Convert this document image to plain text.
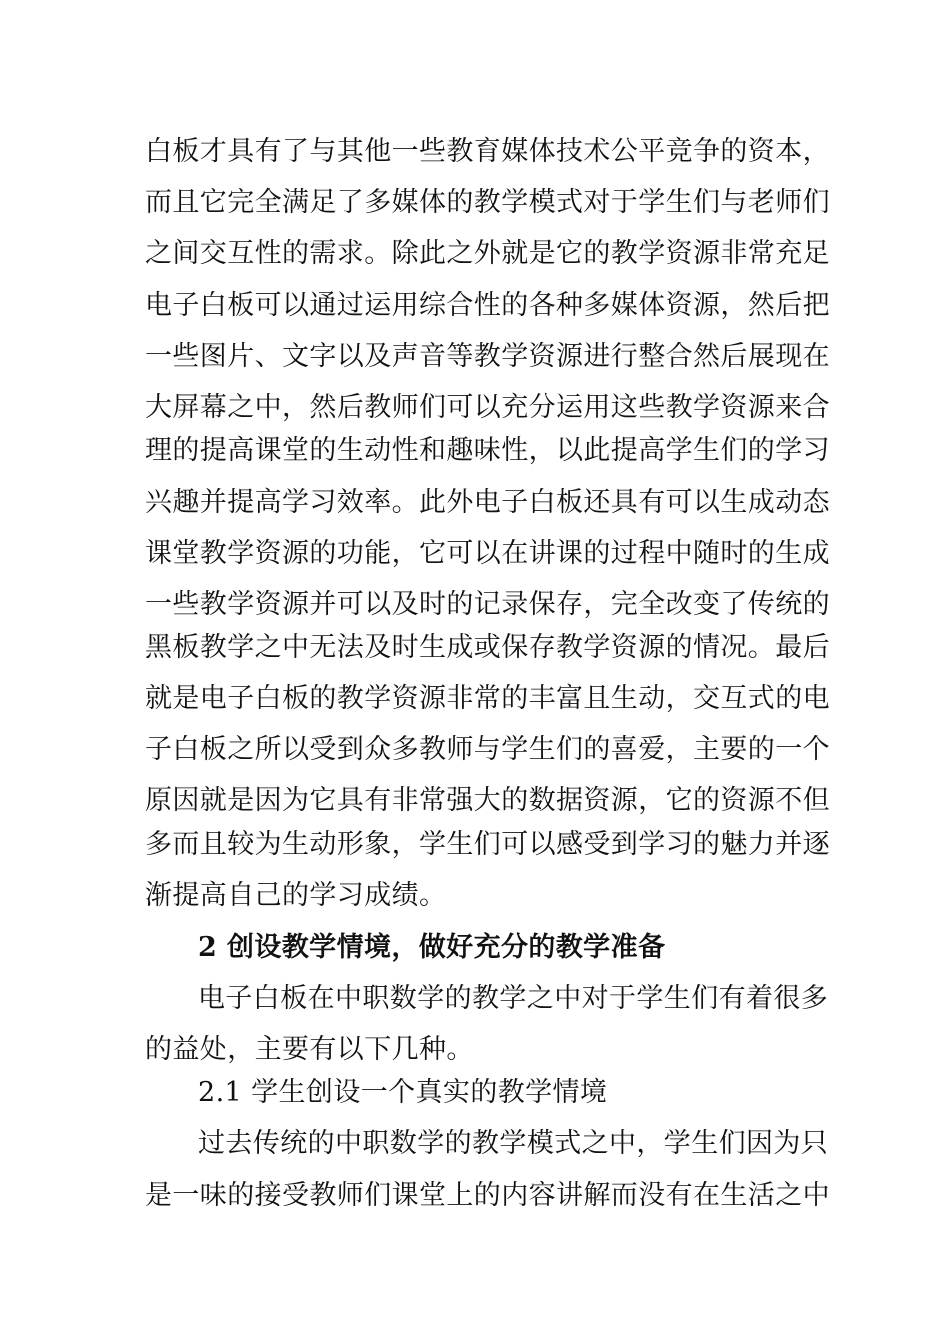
白板才具有了与其他一些教育媒体技术公平竞争的资本，
而且它完全满足了多媒体的教学模式对于学生们与老师们
之间交互性的需求。除此之外就是它的教学资源非常充足
电子白板可以通过运用综合性的各种多媒体资源，然后把
一些图片、文字以及声音等教学资源进行整合然后展现在
大屏幕之中，然后教师们可以充分运用这些教学资源来合
理的提高课堂的生动性和趣味性，以此提高学生们的学习
兴趣并提高学习效率。此外电子白板还具有可以生成动态
课堂教学资源的功能，它可以在讲课的过程中随时的生成
一些教学资源并可以及时的记录保存，完全改变了传统的
黑板教学之中无法及时生成或保存教学资源的情况。最后
就是电子白板的教学资源非常的丰富且生动，交互式的电
子白板之所以受到众多教师与学生们的喜爱，主要的一个
原因就是因为它具有非常强大的数据资源，它的资源不但
多而且较为生动形象，学生们可以感受到学习的魅力并逐
渐提高自己的学习成绩。
2 创设教学情境，做好充分的教学准备
电子白板在中职数学的教学之中对于学生们有着很多
的益处，主要有以下几种。
2.1 学生创设一个真实的教学情境
过去传统的中职数学的教学模式之中，学生们因为只
是一味的接受教师们课堂上的内容讲解而没有在生活之中
